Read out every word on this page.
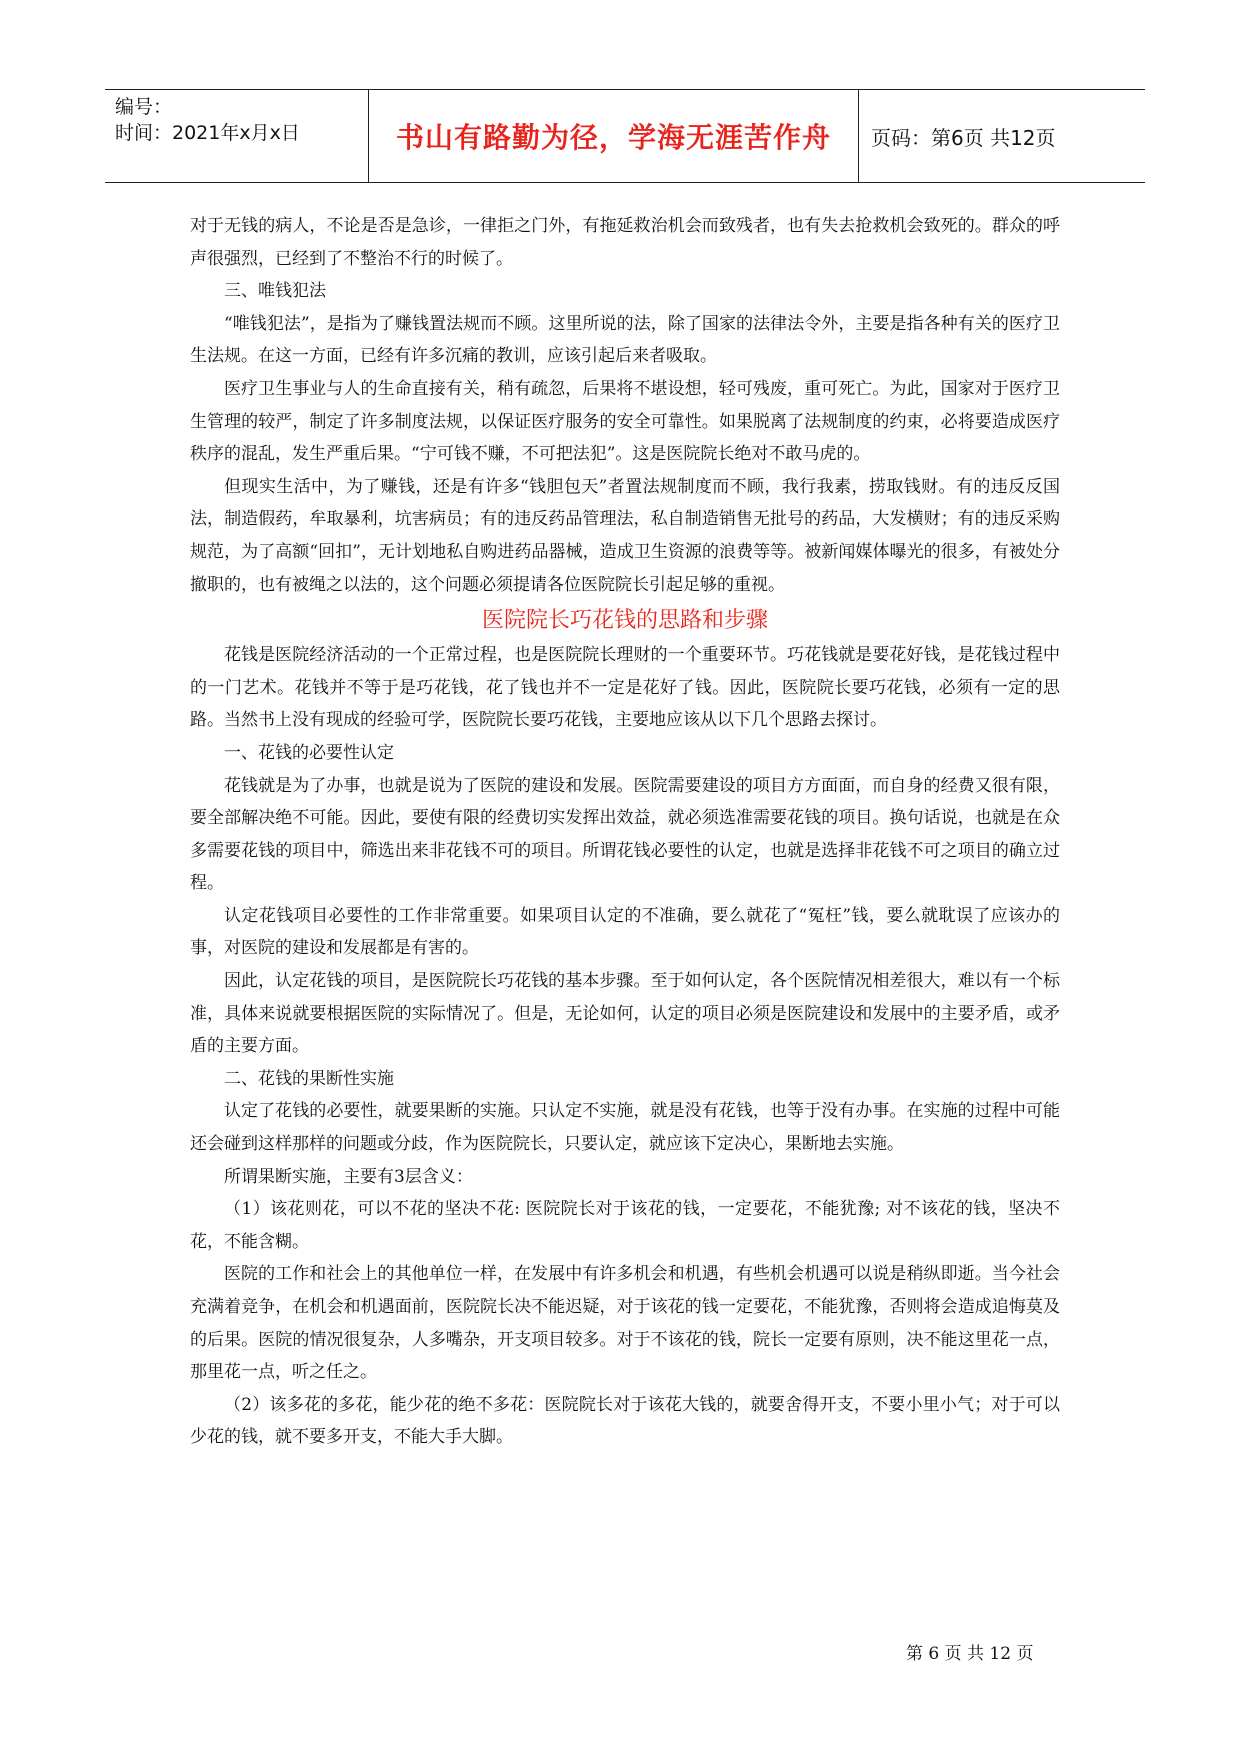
编号：
时间：2021年x月x日	书山有路勤为径，学海无涯苦作舟 页码：第6页 共12页

对于无钱的病人，不论是否是急诊，一律拒之门外，有拖延救治机会而致残者，也有失去抢救机会致死的。群众的呼声很强烈，已经到了不整治不行的时候了。

三、唯钱犯法

“唯钱犯法”，是指为了赚钱置法规而不顾。这里所说的法，除了国家的法律法令外，主要是指各种有关的医疗卫生法规。在这一方面，已经有许多沉痛的教训，应该引起后来者吸取。

医疗卫生事业与人的生命直接有关，稍有疏忽，后果将不堪设想，轻可残废，重可死亡。为此，国家对于医疗卫生管理的较严，制定了许多制度法规，以保证医疗服务的安全可靠性。如果脱离了法规制度的约束，必将要造成医疗秩序的混乱，发生严重后果。“宁可钱不赚，不可把法犯”。这是医院院长绝对不敢马虎的。

但现实生活中，为了赚钱，还是有许多“钱胆包天”者置法规制度而不顾，我行我素，捞取钱财。有的违反反国法，制造假药，牟取暴利，坑害病员；有的违反药品管理法，私自制造销售无批号的药品，大发横财；有的违反采购规范，为了高额“回扣”，无计划地私自购进药品器械，造成卫生资源的浪费等等。被新闻媒体曝光的很多，有被处分撤职的，也有被绳之以法的，这个问题必须提请各位医院院长引起足够的重视。

医院院长巧花钱的思路和步骤

花钱是医院经济活动的一个正常过程，也是医院院长理财的一个重要环节。巧花钱就是要花好钱，是花钱过程中的一门艺术。花钱并不等于是巧花钱，花了钱也并不一定是花好了钱。因此，医院院长要巧花钱，必须有一定的思路。当然书上没有现成的经验可学，医院院长要巧花钱，主要地应该从以下几个思路去探讨。

一、花钱的必要性认定

花钱就是为了办事，也就是说为了医院的建设和发展。医院需要建设的项目方方面面，而自身的经费又很有限，要全部解决绝不可能。因此，要使有限的经费切实发挥出效益，就必须选准需要花钱的项目。换句话说，也就是在众多需要花钱的项目中，筛选出来非花钱不可的项目。所谓花钱必要性的认定，也就是选择非花钱不可之项目的确立过程。

认定花钱项目必要性的工作非常重要。如果项目认定的不准确，要么就花了“冤枉”钱，要么就耽误了应该办的事，对医院的建设和发展都是有害的。

因此，认定花钱的项目，是医院院长巧花钱的基本步骤。至于如何认定，各个医院情况相差很大，难以有一个标准，具体来说就要根据医院的实际情况了。但是，无论如何，认定的项目必须是医院建设和发展中的主要矛盾，或矛盾的主要方面。

二、花钱的果断性实施

认定了花钱的必要性，就要果断的实施。只认定不实施，就是没有花钱，也等于没有办事。在实施的过程中可能还会碰到这样那样的问题或分歧，作为医院院长，只要认定，就应该下定决心，果断地去实施。

所谓果断实施，主要有3层含义：

（1）该花则花，可以不花的坚决不花: 医院院长对于该花的钱，一定要花，不能犹豫; 对不该花的钱，坚决不花，不能含糊。

医院的工作和社会上的其他单位一样，在发展中有许多机会和机遇，有些机会机遇可以说是稍纵即逝。当今社会充满着竞争，在机会和机遇面前，医院院长决不能迟疑，对于该花的钱一定要花，不能犹豫，否则将会造成追悔莫及的后果。医院的情况很复杂，人多嘴杂，开支项目较多。对于不该花的钱，院长一定要有原则，决不能这里花一点，那里花一点，听之任之。

（2）该多花的多花，能少花的绝不多花：医院院长对于该花大钱的，就要舍得开支，不要小里小气；对于可以少花的钱，就不要多开支，不能大手大脚。

第 6 页 共 12 页
